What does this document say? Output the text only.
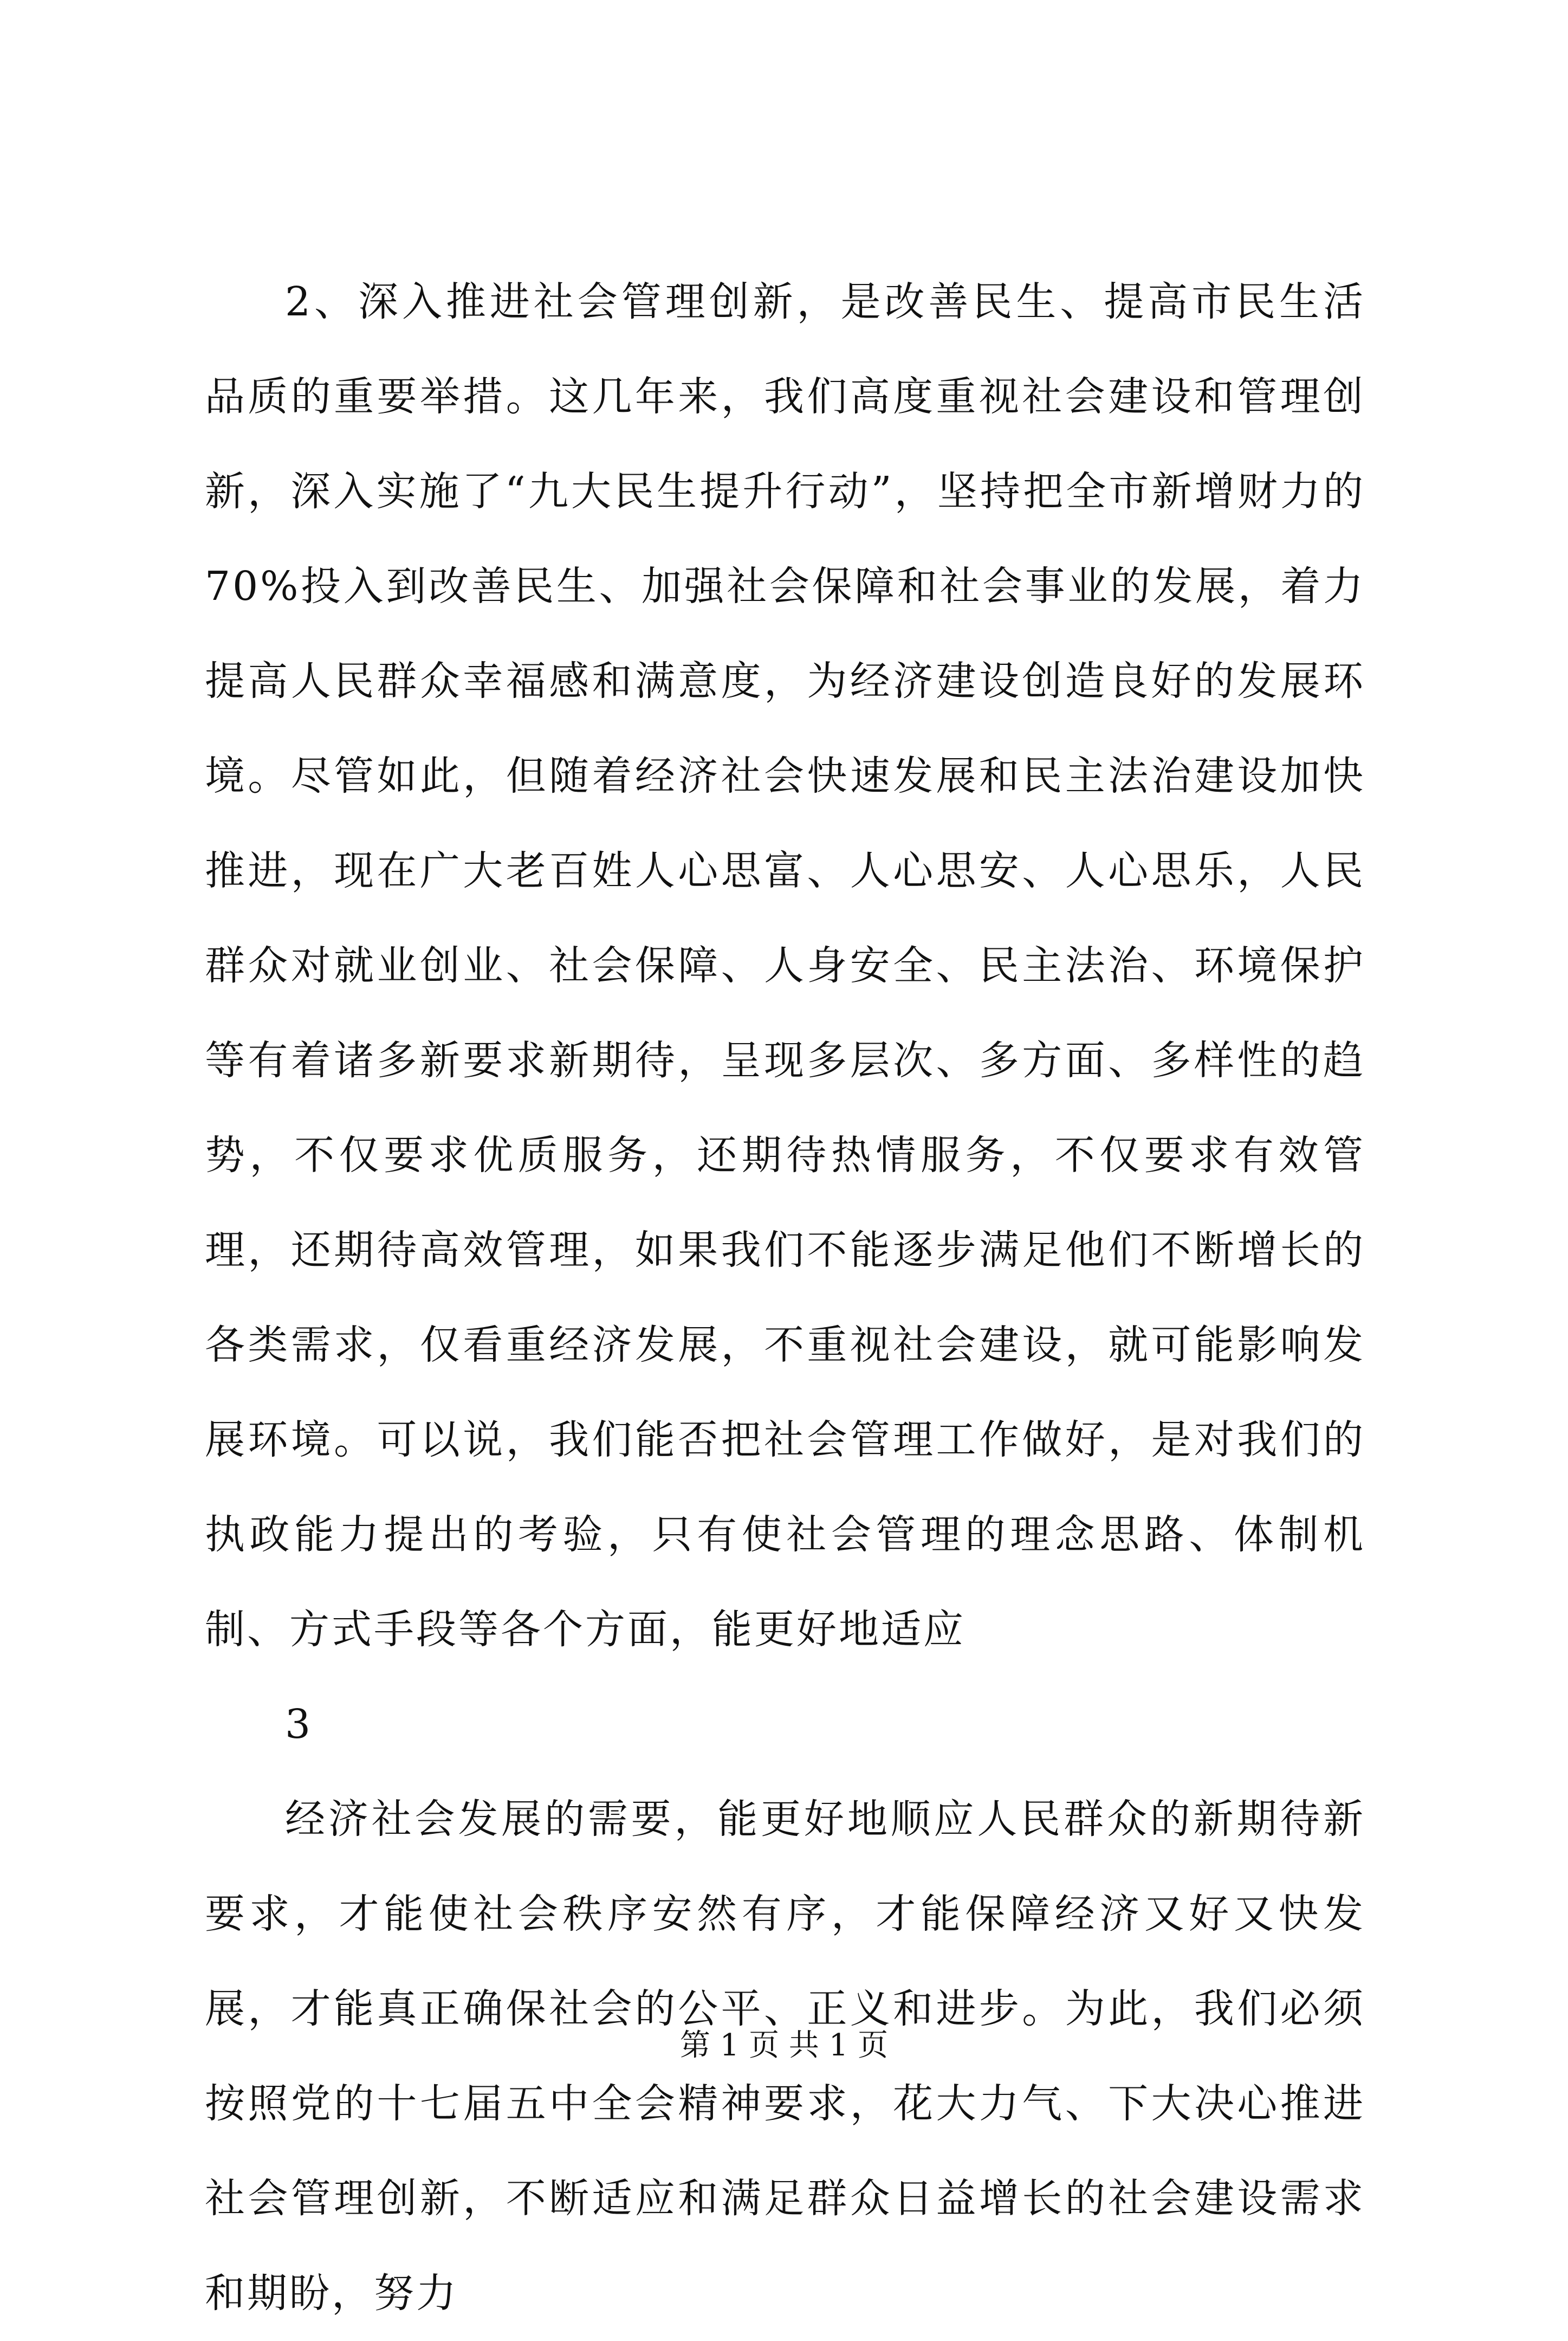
2、深入推进社会管理创新，是改善民生、提高市民生活品质的重要举措。这几年来，我们高度重视社会建设和管理创新，深入实施了“九大民生提升行动”，坚持把全市新增财力的70%投入到改善民生、加强社会保障和社会事业的发展，着力提高人民群众幸福感和满意度，为经济建设创造良好的发展环境。尽管如此，但随着经济社会快速发展和民主法治建设加快推进，现在广大老百姓人心思富、人心思安、人心思乐，人民群众对就业创业、社会保障、人身安全、民主法治、环境保护等有着诸多新要求新期待，呈现多层次、多方面、多样性的趋势，不仅要求优质服务，还期待热情服务，不仅要求有效管理，还期待高效管理，如果我们不能逐步满足他们不断增长的各类需求，仅看重经济发展，不重视社会建设，就可能影响发展环境。可以说，我们能否把社会管理工作做好，是对我们的执政能力提出的考验，只有使社会管理的理念思路、体制机制、方式手段等各个方面，能更好地适应

3

经济社会发展的需要，能更好地顺应人民群众的新期待新要求，才能使社会秩序安然有序，才能保障经济又好又快发展，才能真正确保社会的公平、正义和进步。为此，我们必须按照党的十七届五中全会精神要求，花大力气、下大决心推进社会管理创新，不断适应和满足群众日益增长的社会建设需求和期盼，努力

第 1 页 共 1 页
